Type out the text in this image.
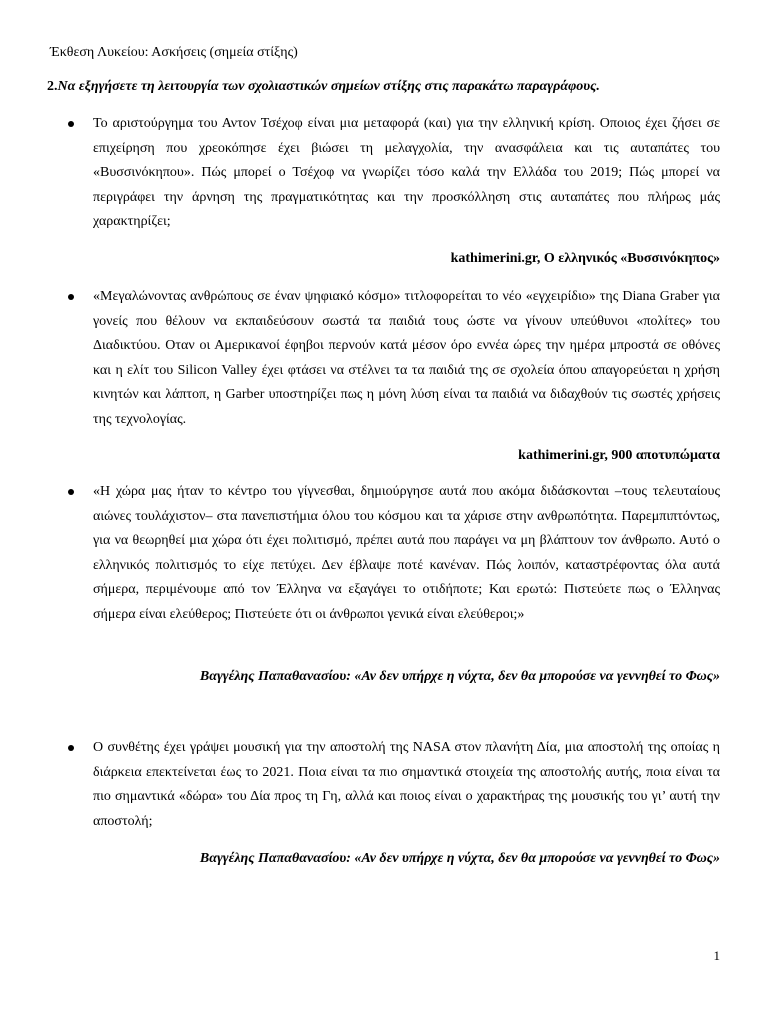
Έκθεση Λυκείου: Ασκήσεις (σημεία στίξης)
2.Να εξηγήσετε τη λειτουργία των σχολιαστικών σημείων στίξης στις παρακάτω παραγράφους.

Το αριστούργημα του Αντον Τσέχοφ είναι μια μεταφορά (και) για την ελληνική κρίση. Οποιος έχει ζήσει σε επιχείρηση που χρεοκόπησε έχει βιώσει τη μελαγχολία, την ανασφάλεια και τις αυταπάτες του «Βυσσινόκηπου». Πώς μπορεί ο Τσέχοφ να γνωρίζει τόσο καλά την Ελλάδα του 2019; Πώς μπορεί να περιγράφει την άρνηση της πραγματικότητας και την προσκόλληση στις αυταπάτες που πλήρως μάς χαρακτηρίζει;

kathimerini.gr, Ο ελληνικός «Βυσσινόκηπος»

«Μεγαλώνοντας ανθρώπους σε έναν ψηφιακό κόσμο» τιτλοφορείται το νέο «εγχειρίδιο» της Diana Graber για γονείς που θέλουν να εκπαιδεύσουν σωστά τα παιδιά τους ώστε να γίνουν υπεύθυνοι «πολίτες» του Διαδικτύου. Οταν οι Αμερικανοί έφηβοι περνούν κατά μέσον όρο εννέα ώρες την ημέρα μπροστά σε οθόνες και η ελίτ του Silicon Valley έχει φτάσει να στέλνει τα τα παιδιά της σε σχολεία όπου απαγορεύεται η χρήση κινητών και λάπτοπ, η Garber υποστηρίζει πως η μόνη λύση είναι τα παιδιά να διδαχθούν τις σωστές χρήσεις της τεχνολογίας.

kathimerini.gr, 900 αποτυπώματα

«Η χώρα μας ήταν το κέντρο του γίγνεσθαι, δημιούργησε αυτά που ακόμα διδάσκονται –τους τελευταίους αιώνες τουλάχιστον– στα πανεπιστήμια όλου του κόσμου και τα χάρισε στην ανθρωπότητα. Παρεμπιπτόντως, για να θεωρηθεί μια χώρα ότι έχει πολιτισμό, πρέπει αυτά που παράγει να μη βλάπτουν τον άνθρωπο. Αυτό ο ελληνικός πολιτισμός το είχε πετύχει. Δεν έβλαψε ποτέ κανέναν. Πώς λοιπόν, καταστρέφοντας όλα αυτά σήμερα, περιμένουμε από τον Έλληνα να εξαγάγει το οτιδήποτε; Και ερωτώ: Πιστεύετε πως ο Έλληνας σήμερα είναι ελεύθερος; Πιστεύετε ότι οι άνθρωποι γενικά είναι ελεύθεροι;»

Βαγγέλης Παπαθανασίου: «Αν δεν υπήρχε η νύχτα, δεν θα μπορούσε να γεννηθεί το Φως»

Ο συνθέτης έχει γράψει μουσική για την αποστολή της NASA στον πλανήτη Δία, μια αποστολή της οποίας η διάρκεια επεκτείνεται έως το 2021. Ποια είναι τα πιο σημαντικά στοιχεία της αποστολής αυτής, ποια είναι τα πιο σημαντικά «δώρα» του Δία προς τη Γη, αλλά και ποιος είναι ο χαρακτήρας της μουσικής του γι’ αυτή την αποστολή;

Βαγγέλης Παπαθανασίου: «Αν δεν υπήρχε η νύχτα, δεν θα μπορούσε να γεννηθεί το Φως»
1
